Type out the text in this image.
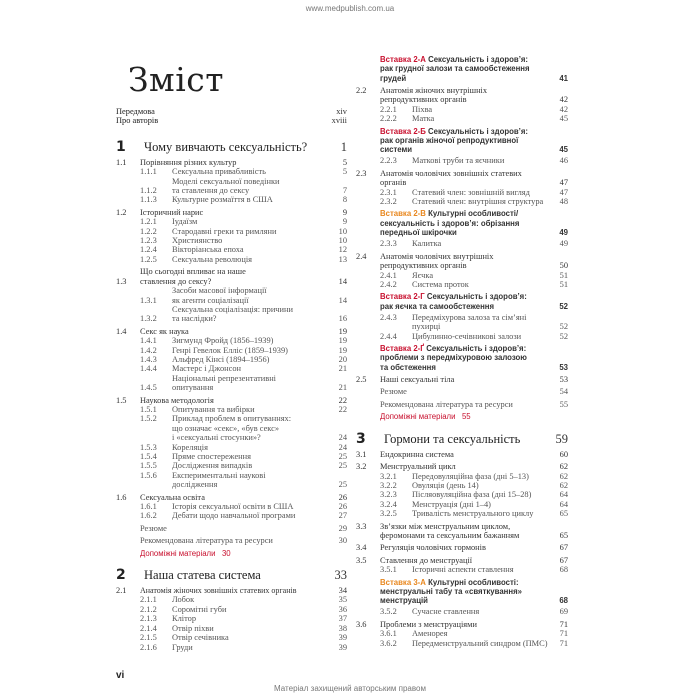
www.medpublish.com.ua
Зміст
Передмова	xiv
Про авторів	xviii
1	Чому вивчають сексуальність?	1
1.1	Порівняння різних культур	5
1.1.1	Сексуальна привабливість	5
1.1.2
Моделі сексуальної поведінки
та ставлення до сексу	7
1.1.3	Культурне розмаїття в США	8
1.2	Історичний нарис	9
1.2.1	Іудаїзм	9
1.2.2	Стародавні греки та римляни	10
1.2.3	Християнство	10
1.2.4	Вікторіанська епоха	12
1.2.5	Сексуальна революція	13
1.3
Що сьогодні впливає на наше
ставлення до сексу?	14
1.3.1
Засоби масової інформації
як агенти соціалізації	14
1.3.2
Сексуальна соціалізація: причини
та наслідки?	16
1.4	Секс як наука	19
1.4.1	Зигмунд Фройд (1856–1939)	19
1.4.2	Генрі Гевелок Елліс (1859–1939)	19
1.4.3	Альфред Кінсі (1894–1956)	20
1.4.4	Мастерс і Джонсон	21
1.4.5
Національні репрезентативні
опитування	21
1.5	Наукова методологія	22
1.5.1	Опитування та вибірки	22
1.5.2	Приклад проблем в опитуваннях:
що означає «секс», «був секс»
і «сексуальні стосунки»?	24
1.5.3	Кореляція	24
1.5.4	Пряме спостереження	25
1.5.5	Дослідження випадків	25
1.5.6	Експериментальні наукові
дослідження	25
1.6	Сексуальна освіта	26
1.6.1	Історія сексуальної освіти в США	26
1.6.2	Дебати щодо навчальної програми	27
Резюме	29
Рекомендована література та ресурси	30
Допоміжні матеріали 30
2	Наша статева система	33
2.1	Анатомія жіночих зовнішніх статевих органів	34
2.1.1	Лобок	35
2.1.2	Соромітні губи	36
2.1.3	Клітор	37
2.1.4	Отвір піхви	38
2.1.5	Отвір сечівника	39
2.1.6	Груди	39
Вставка 2-А Сексуальність і здоров’я:
рак грудної залози та самообстеження
грудей	41
2.2	Анатомія жіночих внутрішніх
репродуктивних органів	42
2.2.1	Піхва	42
2.2.2	Матка	45
Вставка 2-Б Сексуальність і здоров’я:
рак органів жіночої репродуктивної
системи	45
2.2.3	Маткові труби та яєчники	46
2.3	Анатомія чоловічих зовнішніх статевих
органів	47
2.3.1	Статевий член: зовнішній вигляд	47
2.3.2	Статевий член: внутрішня структура	48
Вставка 2-В Культурні особливості/
сексуальність і здоров’я: обрізання
передньої шкірочки	49
2.3.3	Калитка	49
2.4	Анатомія чоловічих внутрішніх
репродуктивних органів	50
2.4.1	Яєчка	51
2.4.2	Система проток	51
Вставка 2-Г Сексуальність і здоров’я:
рак яєчка та самообстеження	52
2.4.3	Передміхурова залоза та сім’яні
пухирці	52
2.4.4	Цибулинно-сечівникові залози	52
Вставка 2-Ґ Сексуальність і здоров’я:
проблеми з передміхуровою залозою
та обстеження	53
2.5	Наші сексуальні тіла	53
Резюме	54
Рекомендована література та ресурси	55
Допоміжні матеріали 55
3	Гормони та сексуальність	59
3.1	Ендокринна система	60
3.2	Менструальний цикл	62
3.2.1	Передовуляційна фаза (дні 5–13)	62
3.2.2	Овуляція (день 14)	62
3.2.3	Післяовуляційна фаза (дні 15–28)	64
3.2.4	Менструація (дні 1–4)	64
3.2.5	Тривалість менструального циклу	65
3.3	Зв’язки між менструальним циклом,
феромонами та сексуальним бажанням	65
3.4	Регуляція чоловічих гормонів	67
3.5	Ставлення до менструації	67
3.5.1	Історичні аспекти ставлення	68
Вставка 3-А Культурні особливості:
менструальні табу та «святкування»
менструацій	68
3.5.2	Сучасне ставлення	69
3.6	Проблеми з менструаціями	71
3.6.1	Аменорея	71
3.6.2	Передменструальний синдром (ПМС)	71
vi
Матеріал захищений авторським правом
